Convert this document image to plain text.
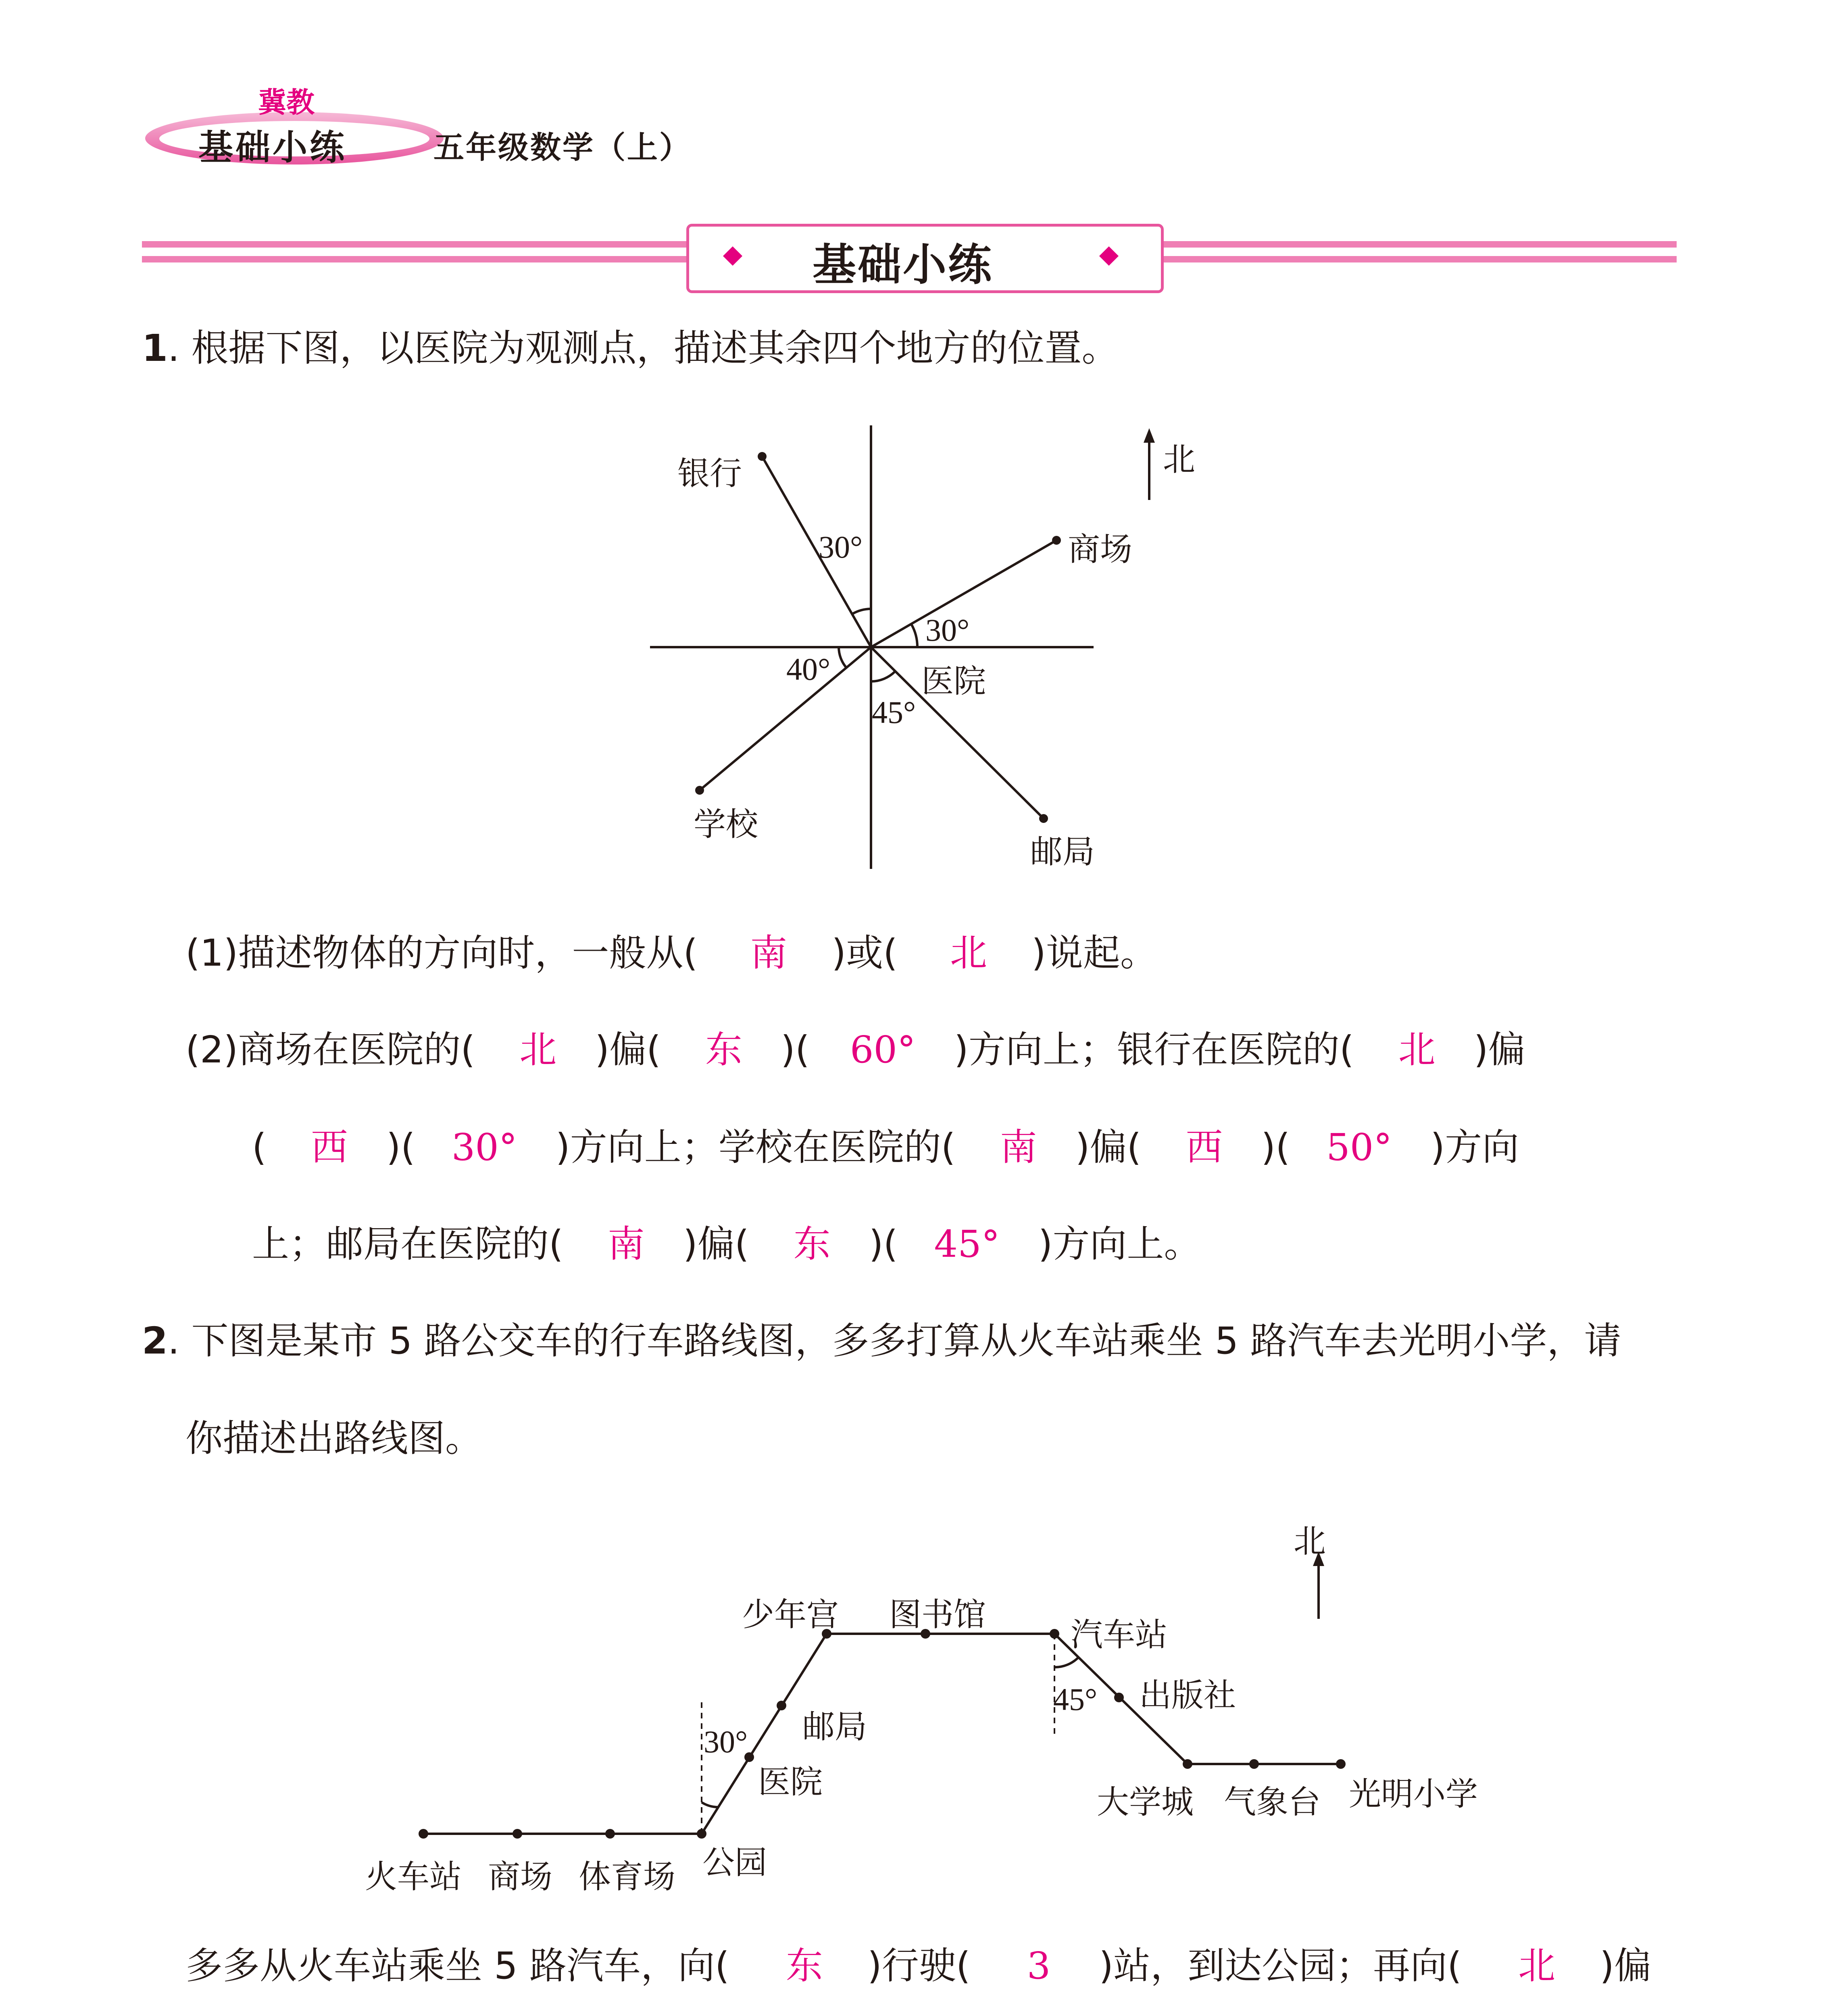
冀教
基础小练	五年级数学（上）
基础小练
1. 根据下图，以医院为观测点，描述其余四个地方的位置。
北
银行
商场
学校
邮局
医院
30°
30°
40°
45°
(1)描述物体的方向时，一般从( 南 )或( 北 )说起。
(2)商场在医院的( 北 )偏( 东 )( 60° )方向上；银行在医院的( 北 )偏
( 西 )( 30° )方向上；学校在医院的( 南 )偏( 西 )( 50° )方向
上；邮局在医院的( 南 )偏( 东 )( 45° )方向上。
2. 下图是某市 5 路公交车的行车路线图，多多打算从火车站乘坐 5 路汽车去光明小学，请
你描述出路线图。
北
火车站 商场 体育场 公园
医院
邮局
少年宫 图书馆
汽车站
出版社
大学城 气象台 光明小学
30°
45°
多多从火车站乘坐 5 路汽车，向( 东 )行驶( 3 )站，到达公园；再向( 北 )偏
